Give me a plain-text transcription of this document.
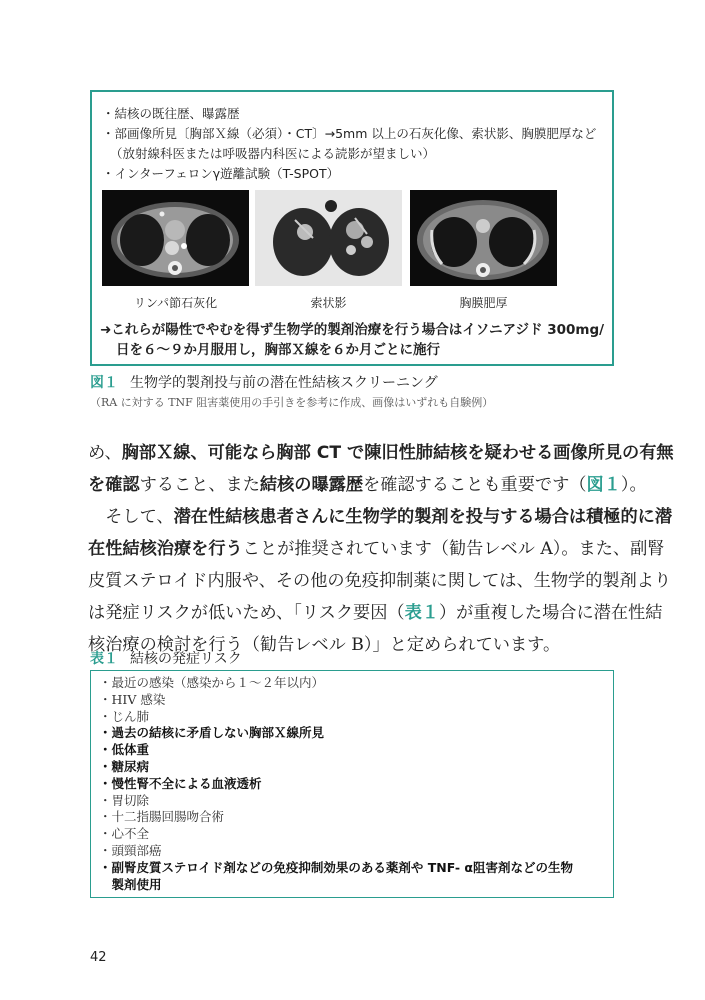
・結核の既往歴、曝露歴
・部画像所見〔胸部Ｘ線（必須）・CT〕→5mm 以上の石灰化像、索状影、胸膜肥厚など
（放射線科医または呼吸器内科医による読影が望ましい）
・インターフェロンγ遊離試験（T-SPOT）
リンパ節石灰化	索状影	胸膜肥厚
➜これらが陽性でやむを得ず生物学的製剤治療を行う場合はイソニアジド 300mg/
日を６〜９か月服用し，胸部Ｘ線を６か月ごとに施行
図１ 生物学的製剤投与前の潜在性結核スクリーニング
（RA に対する TNF 阻害薬使用の手引きを参考に作成、画像はいずれも自験例）
め、胸部Ｘ線、可能なら胸部 CT で陳旧性肺結核を疑わせる画像所見の有無
を確認すること、また結核の曝露歴を確認することも重要です（図１）。
　そして、潜在性結核患者さんに生物学的製剤を投与する場合は積極的に潜
在性結核治療を行うことが推奨されています（勧告レベル A）。また、副腎
皮質ステロイド内服や、その他の免疫抑制薬に関しては、生物学的製剤より
は発症リスクが低いため、「リスク要因（表１）が重複した場合に潜在性結
核治療の検討を行う（勧告レベル B）」と定められています。
表１ 結核の発症リスク
・最近の感染（感染から１〜２年以内）
・HIV 感染
・じん肺
・過去の結核に矛盾しない胸部Ｘ線所見
・低体重
・糖尿病
・慢性腎不全による血液透析
・胃切除
・十二指腸回腸吻合術
・心不全
・頭頸部癌
・副腎皮質ステロイド剤などの免疫抑制効果のある薬剤や TNF- α阻害剤などの生物
　製剤使用
42
